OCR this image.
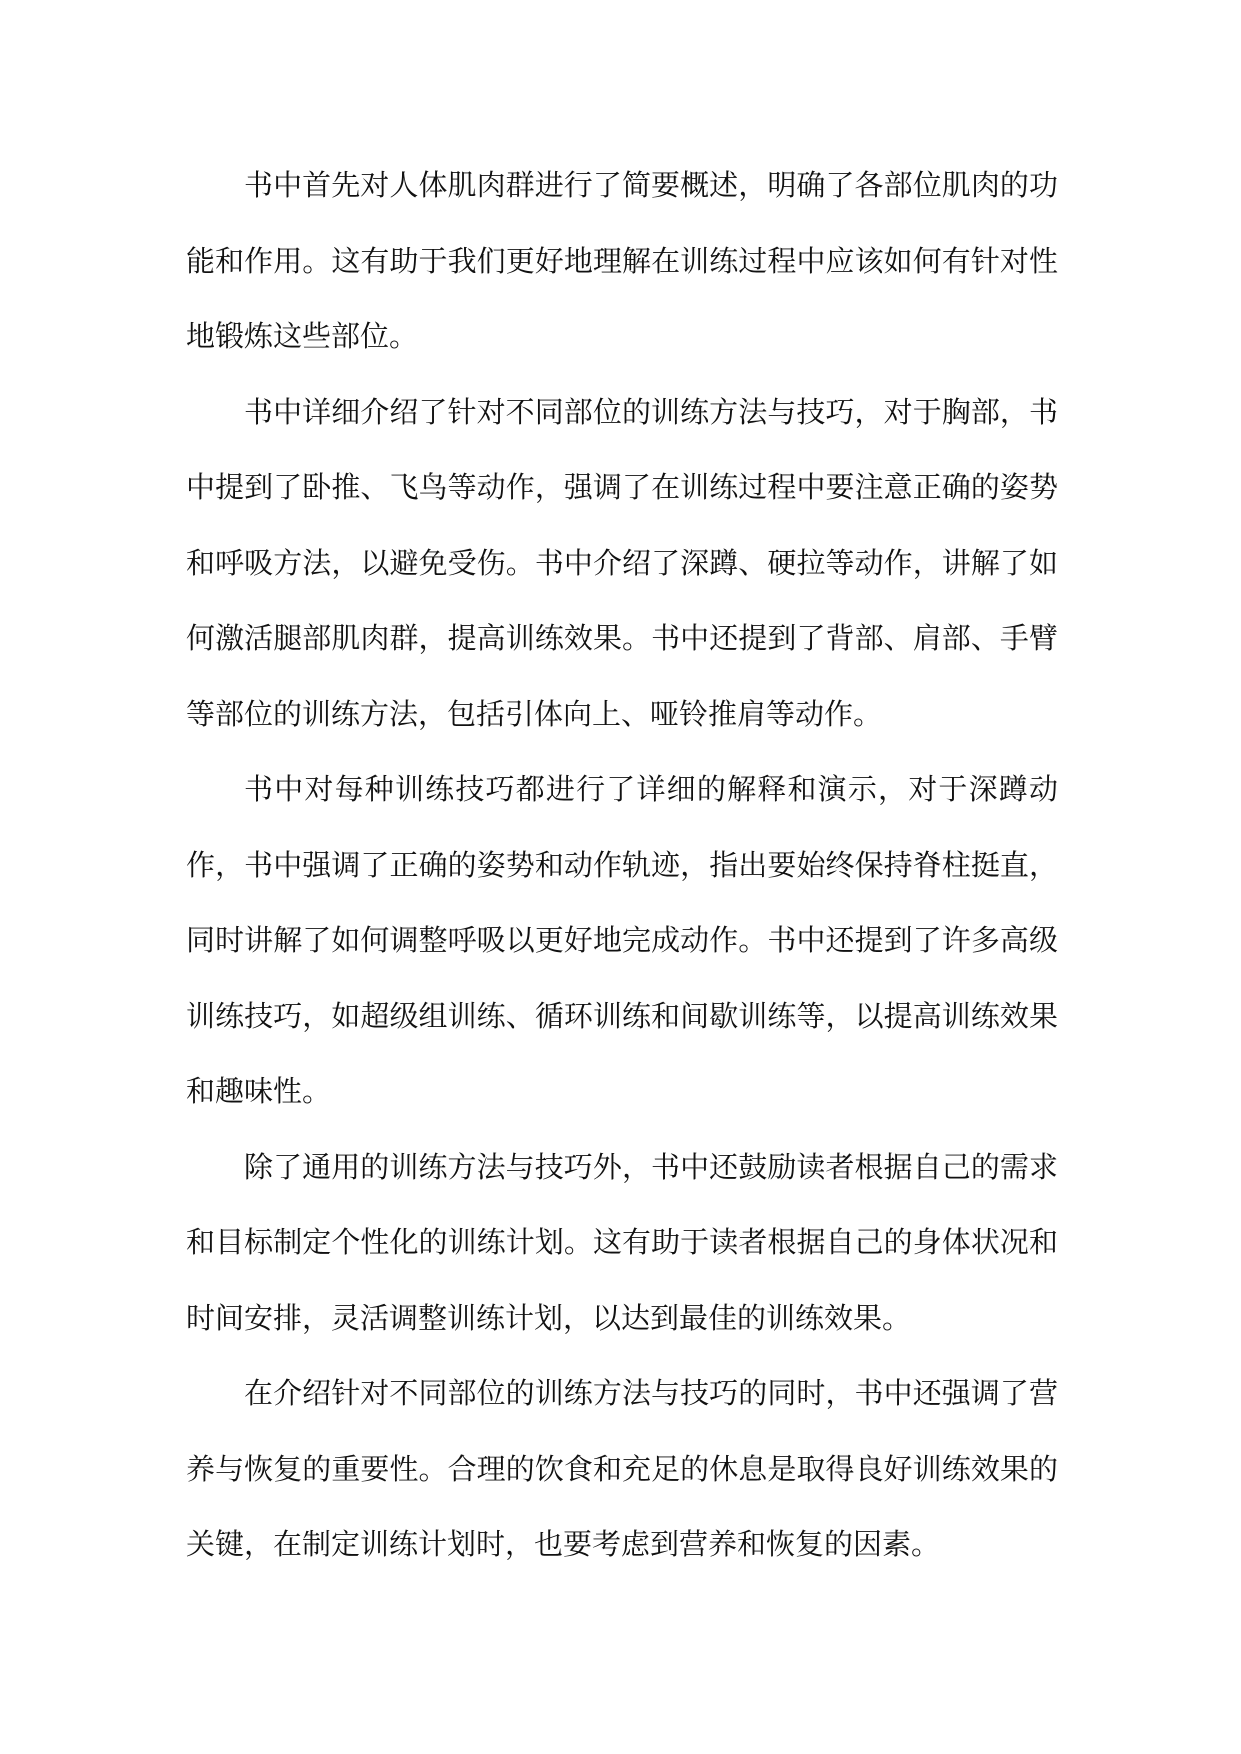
书中首先对人体肌肉群进行了简要概述，明确了各部位肌肉的功能和作用。这有助于我们更好地理解在训练过程中应该如何有针对性地锻炼这些部位。

书中详细介绍了针对不同部位的训练方法与技巧，对于胸部，书中提到了卧推、飞鸟等动作，强调了在训练过程中要注意正确的姿势和呼吸方法，以避免受伤。书中介绍了深蹲、硬拉等动作，讲解了如何激活腿部肌肉群，提高训练效果。书中还提到了背部、肩部、手臂等部位的训练方法，包括引体向上、哑铃推肩等动作。

书中对每种训练技巧都进行了详细的解释和演示，对于深蹲动作，书中强调了正确的姿势和动作轨迹，指出要始终保持脊柱挺直，同时讲解了如何调整呼吸以更好地完成动作。书中还提到了许多高级训练技巧，如超级组训练、循环训练和间歇训练等，以提高训练效果和趣味性。

除了通用的训练方法与技巧外，书中还鼓励读者根据自己的需求和目标制定个性化的训练计划。这有助于读者根据自己的身体状况和时间安排，灵活调整训练计划，以达到最佳的训练效果。

在介绍针对不同部位的训练方法与技巧的同时，书中还强调了营养与恢复的重要性。合理的饮食和充足的休息是取得良好训练效果的关键，在制定训练计划时，也要考虑到营养和恢复的因素。
